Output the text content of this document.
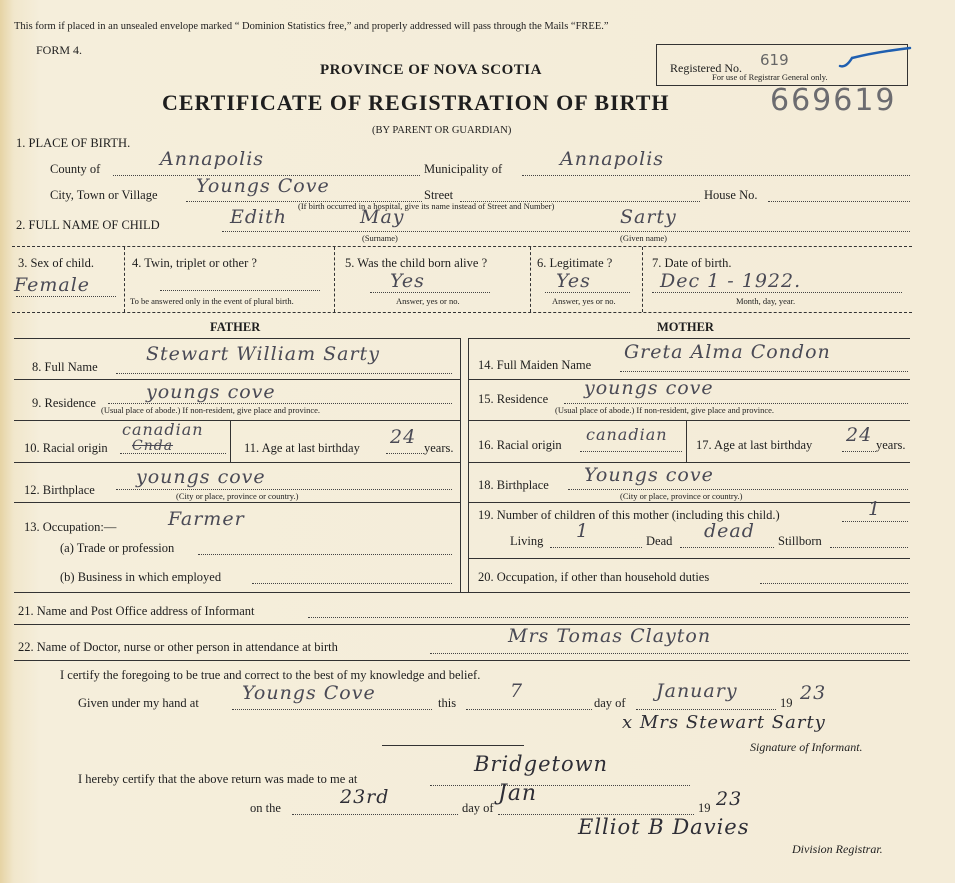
This form if placed in an unsealed envelope marked “ Dominion Statistics free,” and properly addressed will pass through the Mails “FREE.”
FORM 4.
PROVINCE OF NOVA SCOTIA
CERTIFICATE OF REGISTRATION OF BIRTH
(BY PARENT OR GUARDIAN)
Registered No. 619
For use of Registrar General only.
669619
1. PLACE OF BIRTH.
County of	Annapolis	Municipality of	Annapolis
City, Town or Village Youngs Cove	Street	House No.
(If birth occurred in a hospital, give its name instead of Street and Number)
2. FULL NAME OF CHILD	Edith	May	Sarty
(Surname)	(Given name)
3. Sex of child.
Female
4. Twin, triplet or other ?
To be answered only in the event of plural birth.
5. Was the child born alive ?
Yes
Answer, yes or no.
6. Legitimate ?
Yes
Answer, yes or no.
7. Date of birth.
Dec 1 - 1922.
Month, day, year.
FATHER	MOTHER
8. Full Name
Stewart William Sarty
9. Residence	youngs cove
(Usual place of abode.) If non-resident, give place and province.
10. Racial origin
canadian
Cnda	11. Age at last birthday 24 years.
12. Birthplace
youngs cove
(City or place, province or country.)
13. Occupation:—	Farmer
(a) Trade or profession
(b) Business in which employed
14. Full Maiden Name
Greta Alma Condon
15. Residence youngs cove
(Usual place of abode.) If non-resident, give place and province.
16. Racial origin
canadian
17. Age at last birthday 24 years.
18. Birthplace Youngs cove
(City or place, province or country.)
19. Number of children of this mother (including this child.)	1
Living 1	Dead dead Stillborn
20. Occupation, if other than household duties
21. Name and Post Office address of Informant
22. Name of Doctor, nurse or other person in attendance at birth	Mrs Tomas Clayton
I certify the foregoing to be true and correct to the best of my knowledge and belief.
Given under my hand at Youngs Cove	this
7
day of
January
19 23
x Mrs Stewart Sarty
Signature of Informant.
I hereby certify that the above return was made to me at
Bridgetown
on the	23rd	day of
Jan
19 23
Elliot B Davies
Division Registrar.
